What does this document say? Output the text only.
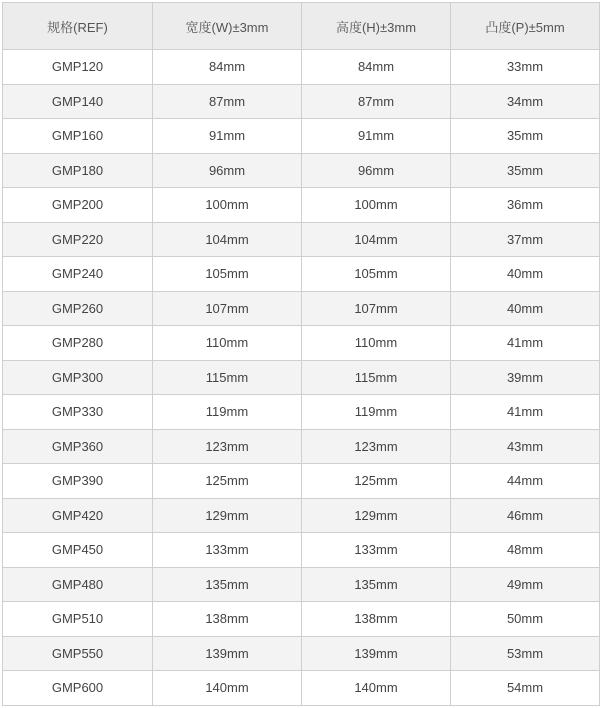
规格(REF)	宽度(W)±3mm	高度(H)±3mm	凸度(P)±5mm
GMP120	84mm	84mm	33mm
GMP140	87mm	87mm	34mm
GMP160	91mm	91mm	35mm
GMP180	96mm	96mm	35mm
GMP200	100mm	100mm	36mm
GMP220	104mm	104mm	37mm
GMP240	105mm	105mm	40mm
GMP260	107mm	107mm	40mm
GMP280	110mm	110mm	41mm
GMP300	115mm	115mm	39mm
GMP330	119mm	119mm	41mm
GMP360	123mm	123mm	43mm
GMP390	125mm	125mm	44mm
GMP420	129mm	129mm	46mm
GMP450	133mm	133mm	48mm
GMP480	135mm	135mm	49mm
GMP510	138mm	138mm	50mm
GMP550	139mm	139mm	53mm
GMP600	140mm	140mm	54mm
